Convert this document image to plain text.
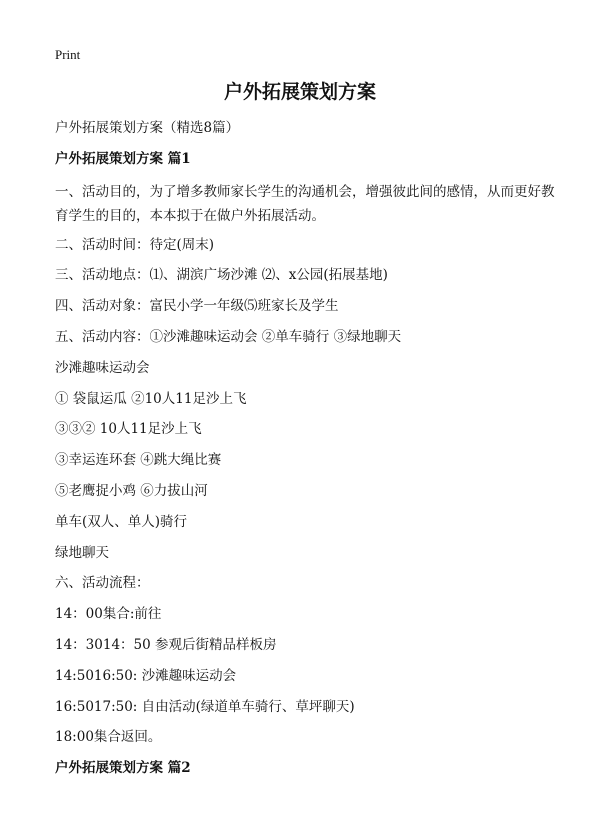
Print
户外拓展策划方案
户外拓展策划方案（精选8篇）
户外拓展策划方案 篇1
一、活动目的，为了增多教师家长学生的沟通机会，增强彼此间的感情，从而更好教育学生的目的，本本拟于在做户外拓展活动。
二、活动时间：待定(周末)
三、活动地点：⑴、湖滨广场沙滩 ⑵、x公园(拓展基地)
四、活动对象：富民小学一年级⑸班家长及学生
五、活动内容：①沙滩趣味运动会 ②单车骑行 ③绿地聊天
沙滩趣味运动会
① 袋鼠运瓜 ②10人11足沙上飞
③③② 10人11足沙上飞
③幸运连环套 ④跳大绳比赛
⑤老鹰捉小鸡 ⑥力拔山河
单车(双人、单人)骑行
绿地聊天
六、活动流程：
14：00集合:前往
14：3014：50 参观后街精品样板房
14:5016:50: 沙滩趣味运动会
16:5017:50: 自由活动(绿道单车骑行、草坪聊天)
18:00集合返回。
户外拓展策划方案 篇2
